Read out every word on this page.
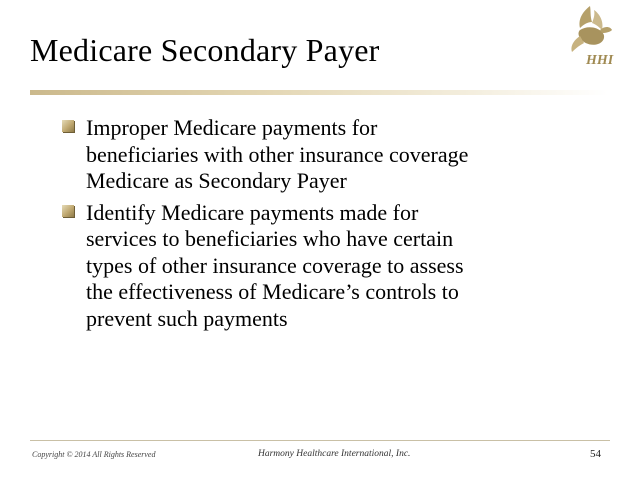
Medicare Secondary Payer	HHI
Improper Medicare payments for
beneficiaries with other insurance coverage
Medicare as Secondary Payer
Identify Medicare payments made for
services to beneficiaries who have certain
types of other insurance coverage to assess
the effectiveness of Medicare’s controls to
prevent such payments
Copyright © 2014 All Rights Reserved	Harmony Healthcare International, Inc.	54
